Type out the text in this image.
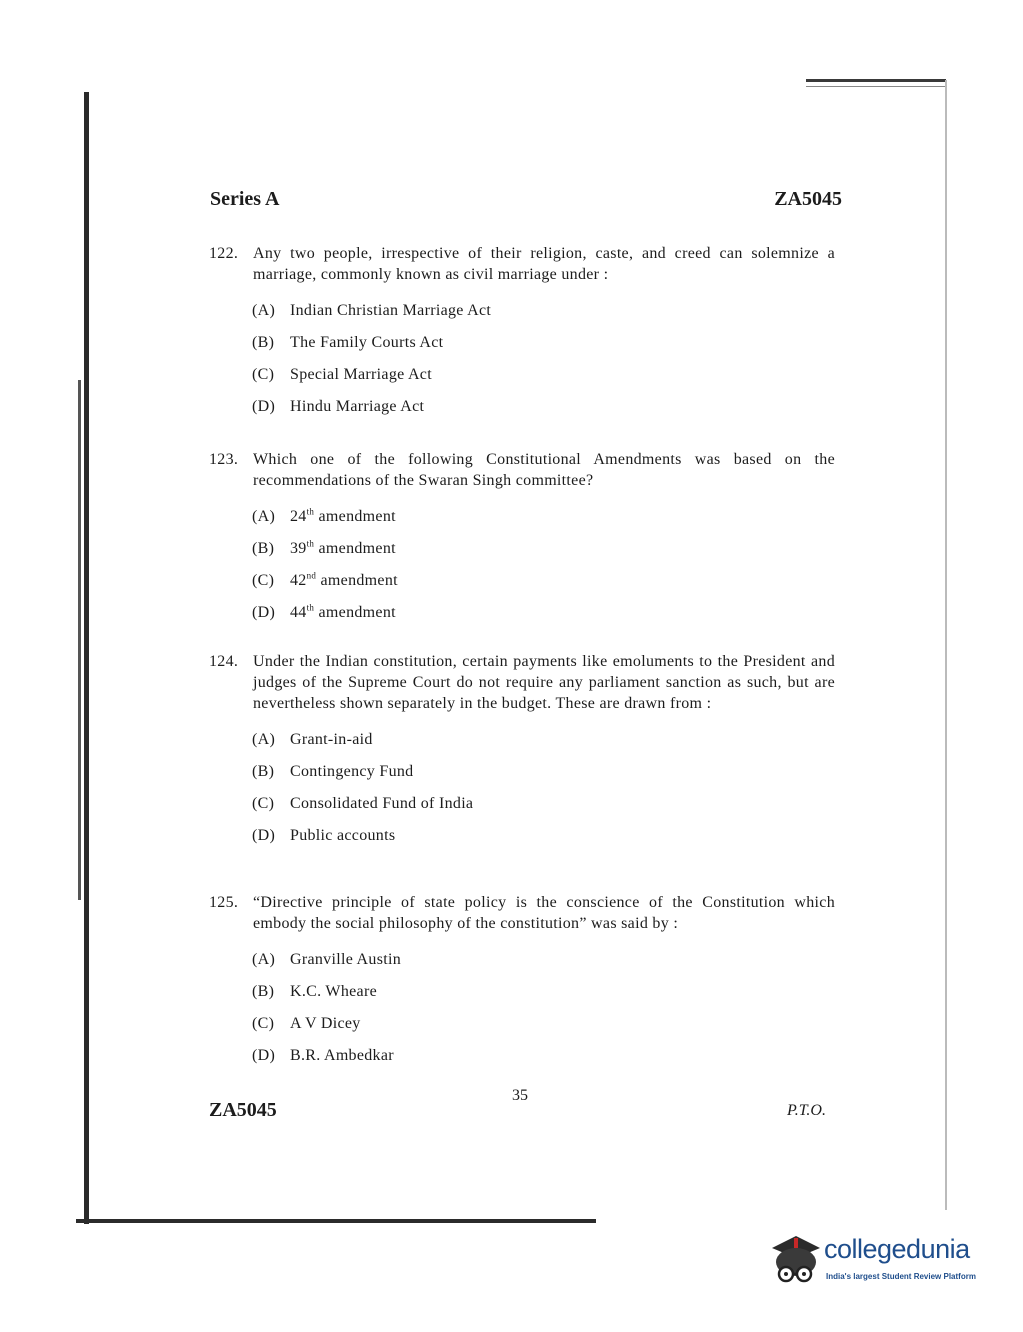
Series A	ZA5045
122. Any two people, irrespective of their religion, caste, and creed can solemnize a marriage, commonly known as civil marriage under :
(A) Indian Christian Marriage Act
(B) The Family Courts Act
(C) Special Marriage Act
(D) Hindu Marriage Act
123. Which one of the following Constitutional Amendments was based on the recommendations of the Swaran Singh committee?
(A) 24th amendment
(B) 39th amendment
(C) 42nd amendment
(D) 44th amendment
124. Under the Indian constitution, certain payments like emoluments to the President and judges of the Supreme Court do not require any parliament sanction as such, but are nevertheless shown separately in the budget. These are drawn from :
(A) Grant-in-aid
(B) Contingency Fund
(C) Consolidated Fund of India
(D) Public accounts
125. “Directive principle of state policy is the conscience of the Constitution which embody the social philosophy of the constitution” was said by :
(A) Granville Austin
(B) K.C. Wheare
(C) A V Dicey
(D) B.R. Ambedkar
35
ZA5045	P.T.O.
collegedunia
India's largest Student Review Platform
